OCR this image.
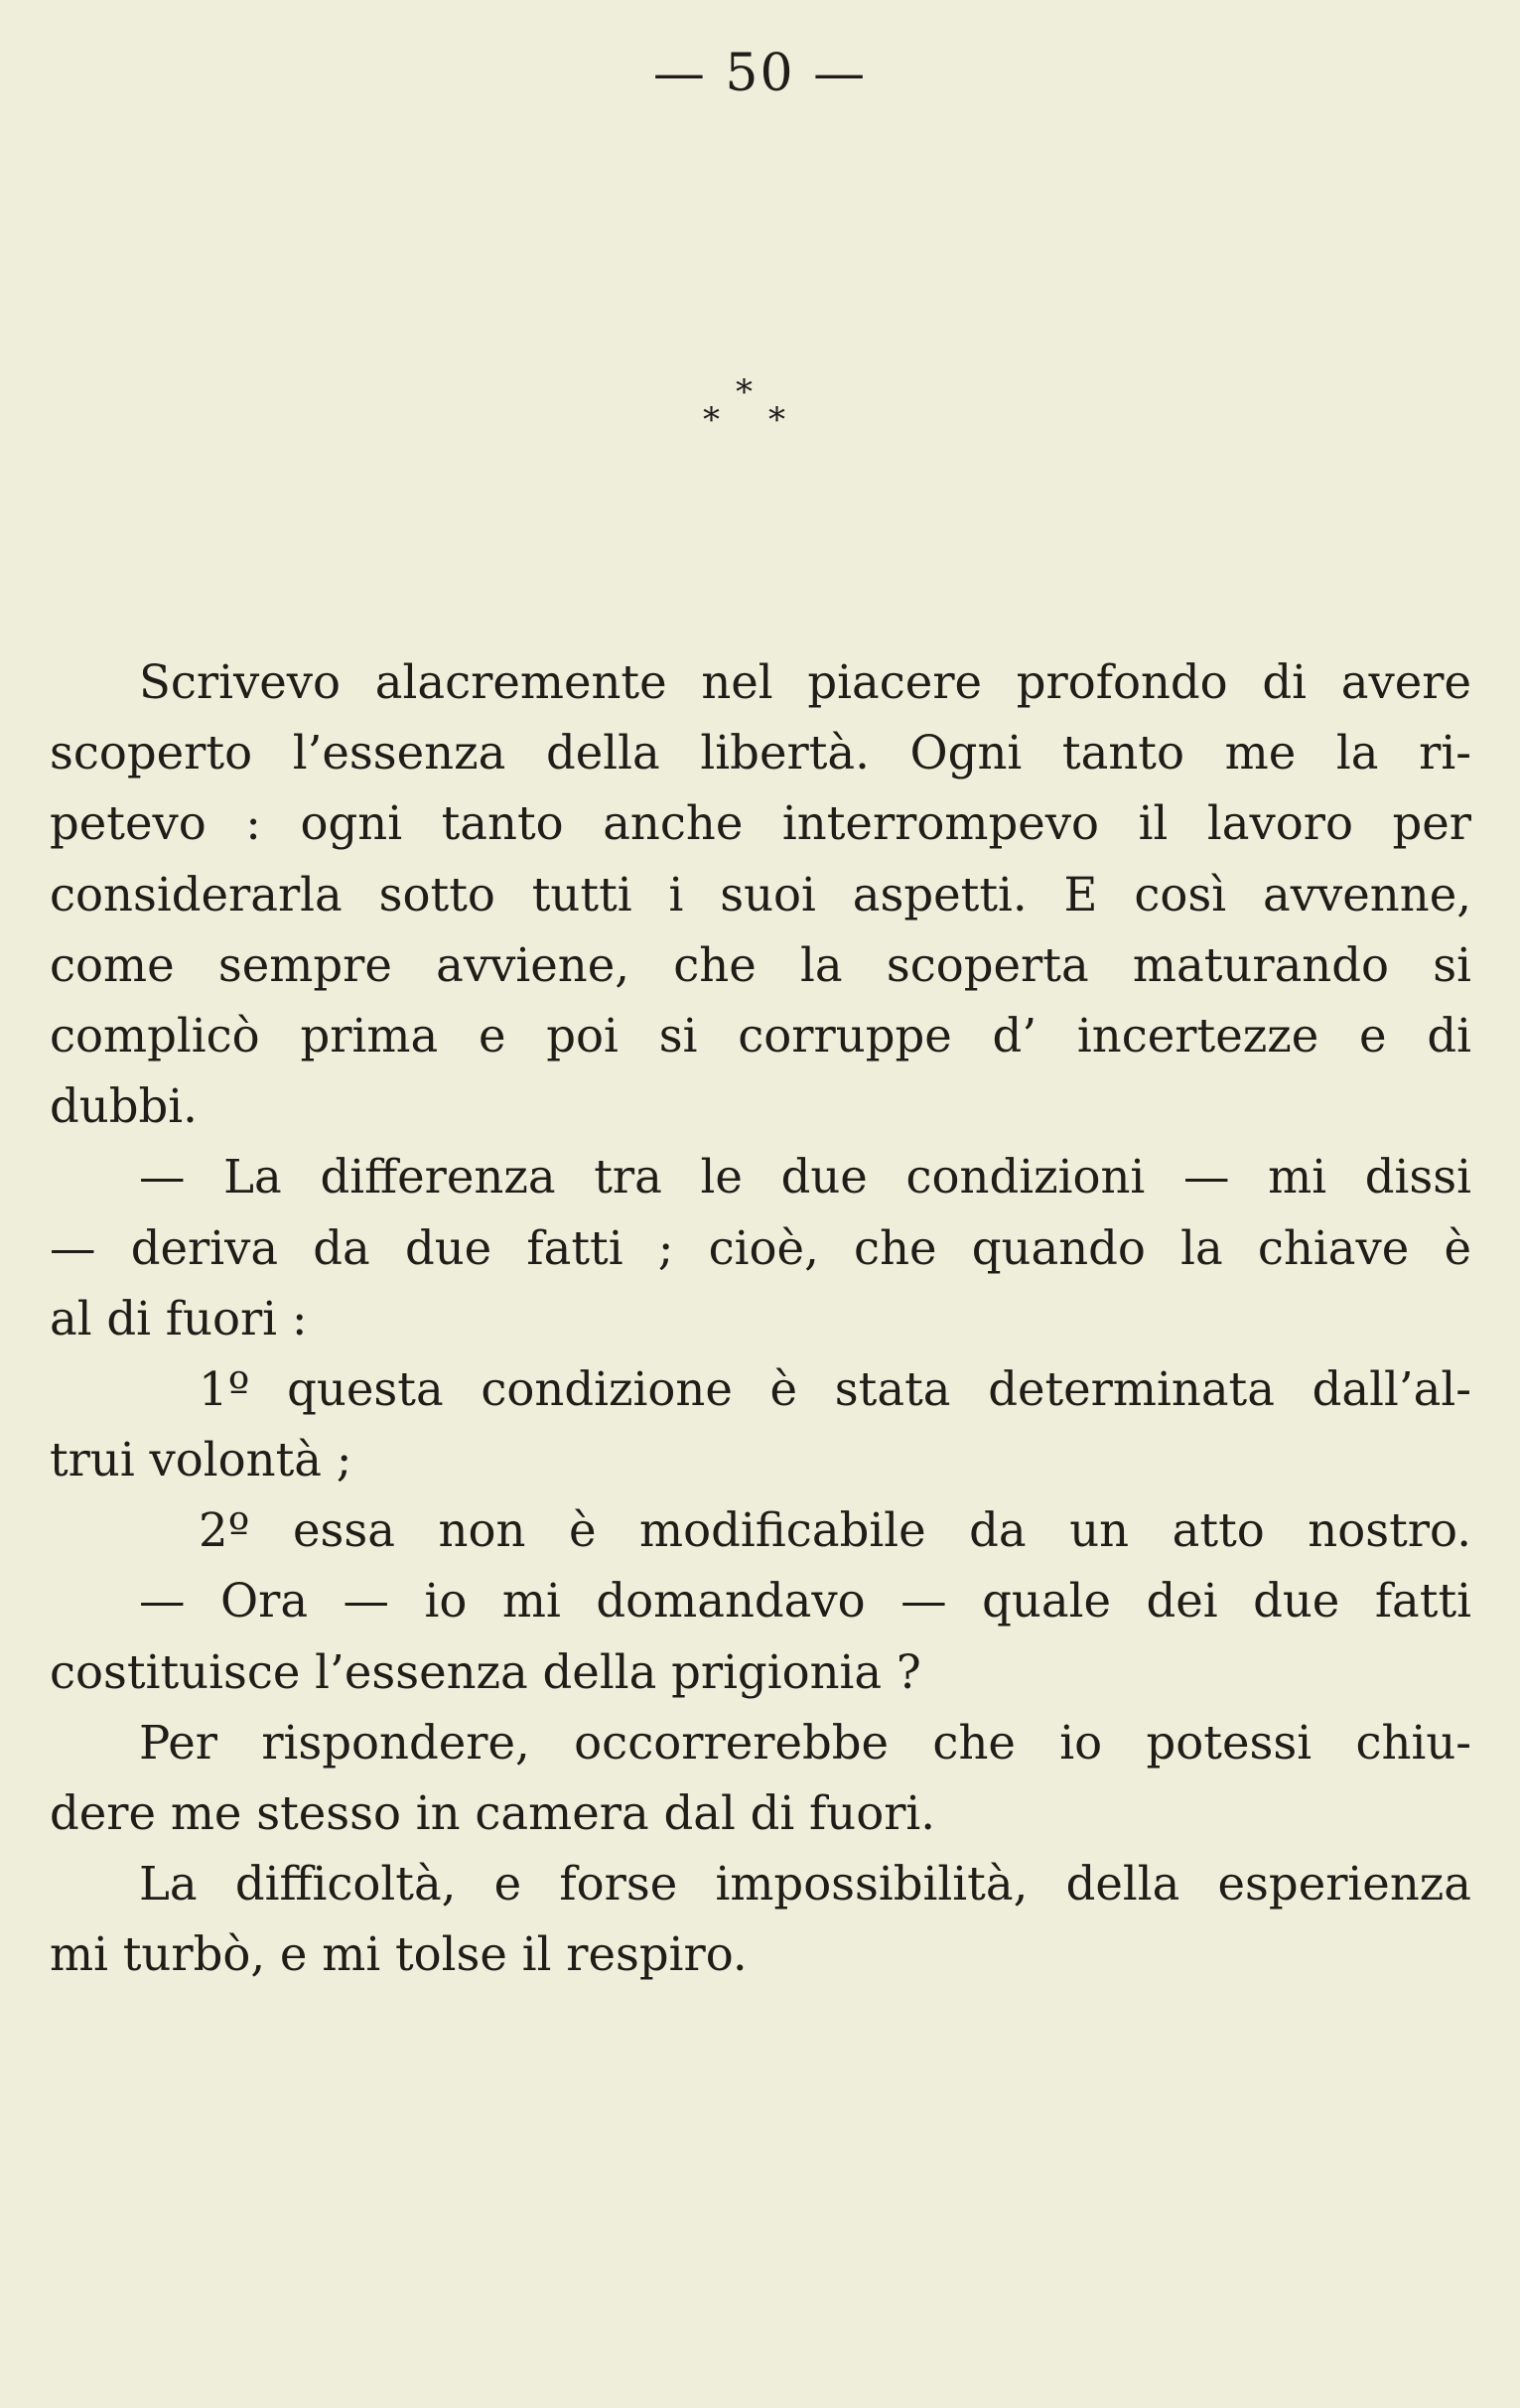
— 50 —
*
* *
Scrivevo alacremente nel piacere profondo di avere
scoperto l’essenza della libertà. Ogni tanto me la ri-
petevo : ogni tanto anche interrompevo il lavoro per
considerarla sotto tutti i suoi aspetti. E così avvenne,
come sempre avviene, che la scoperta maturando si
complicò prima e poi si corruppe d’ incertezze e di
dubbi.
— La differenza tra le due condizioni — mi dissi
— deriva da due fatti ; cioè, che quando la chiave è
al di fuori :
1º questa condizione è stata determinata dall’al-
trui volontà ;
2º essa non è modificabile da un atto nostro.
— Ora — io mi domandavo — quale dei due fatti
costituisce l’essenza della prigionia ?
Per rispondere, occorrerebbe che io potessi chiu-
dere me stesso in camera dal di fuori.
La difficoltà, e forse impossibilità, della esperienza
mi turbò, e mi tolse il respiro.
